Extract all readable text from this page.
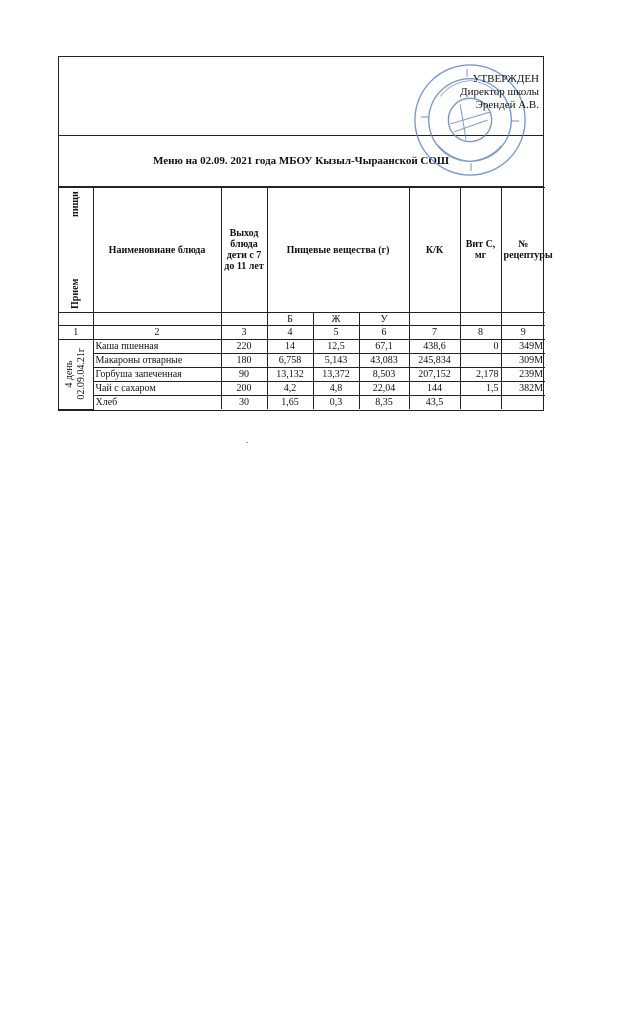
УТВЕРЖДЕН
Директор школы
Эрендей А.В.
Меню на 02.09. 2021 года МБОУ Кызыл-Чыраанской СОШ
Прием
пищи	Наименовиане блюда	Выход блюда дети с 7 до 11 лет	Пищевые вещества (г)			К/К	Вит С, мг	№ рецептуры
			Б	Ж	У			
1	2	3	4	5	6	7	8	9

4 день 02.09.04.21г	Каша пшенная	220	14	12,5	67,1	438,6	0	349М
	Макароны отварные	180	6,758	5,143	43,083	245,834		309М
	Горбуша запеченная	90	13,132	13,372	8,503	207,152	2,178	239М
	Чай с сахаром	200	4,2	4,8	22,04	144	1,5	382М
	Хлеб	30	1,65	0,3	8,35	43,5		
